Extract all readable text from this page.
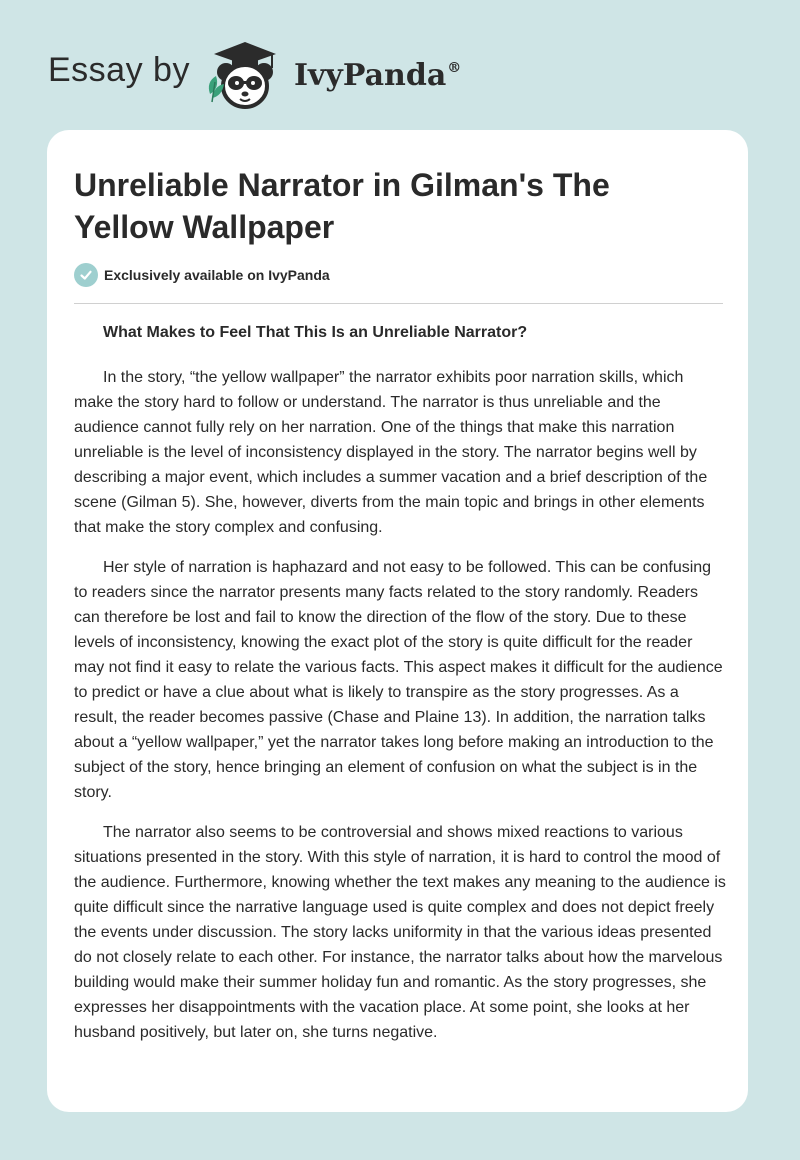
Essay by	IvyPanda®
Unreliable Narrator in Gilman's The Yellow Wallpaper
Exclusively available on IvyPanda

What Makes to Feel That This Is an Unreliable Narrator?

In the story, “the yellow wallpaper” the narrator exhibits poor narration skills, which make the story hard to follow or understand. The narrator is thus unreliable and the audience cannot fully rely on her narration. One of the things that make this narration unreliable is the level of inconsistency displayed in the story. The narrator begins well by describing a major event, which includes a summer vacation and a brief description of the scene (Gilman 5). She, however, diverts from the main topic and brings in other elements that make the story complex and confusing.

Her style of narration is haphazard and not easy to be followed. This can be confusing to readers since the narrator presents many facts related to the story randomly. Readers can therefore be lost and fail to know the direction of the flow of the story. Due to these levels of inconsistency, knowing the exact plot of the story is quite difficult for the reader may not find it easy to relate the various facts. This aspect makes it difficult for the audience to predict or have a clue about what is likely to transpire as the story progresses. As a result, the reader becomes passive (Chase and Plaine 13). In addition, the narration talks about a “yellow wallpaper,” yet the narrator takes long before making an introduction to the subject of the story, hence bringing an element of confusion on what the subject is in the story.

The narrator also seems to be controversial and shows mixed reactions to various situations presented in the story. With this style of narration, it is hard to control the mood of the audience. Furthermore, knowing whether the text makes any meaning to the audience is quite difficult since the narrative language used is quite complex and does not depict freely the events under discussion. The story lacks uniformity in that the various ideas presented do not closely relate to each other. For instance, the narrator talks about how the marvelous building would make their summer holiday fun and romantic. As the story progresses, she expresses her disappointments with the vacation place. At some point, she looks at her husband positively, but later on, she turns negative.
